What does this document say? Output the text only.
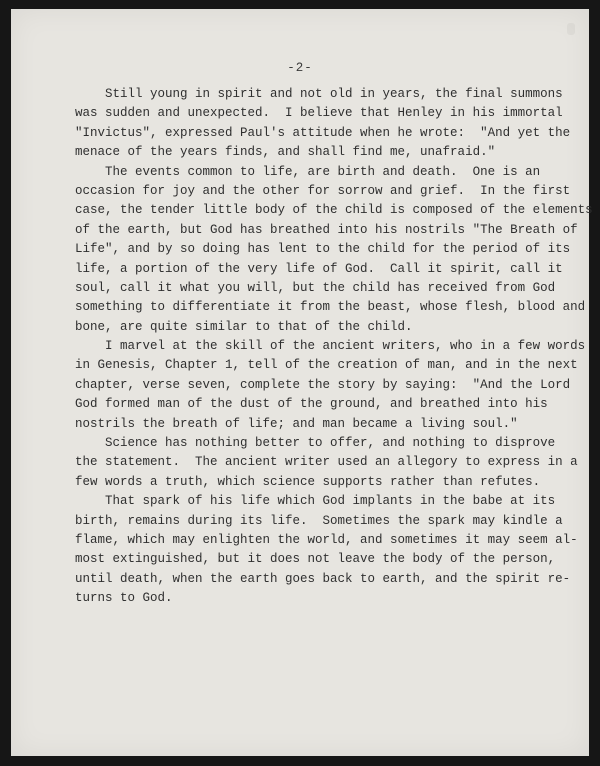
-2-
Still young in spirit and not old in years, the final summons
was sudden and unexpected.  I believe that Henley in his immortal
"Invictus", expressed Paul's attitude when he wrote:  "And yet the
menace of the years finds, and shall find me, unafraid."
The events common to life, are birth and death.  One is an
occasion for joy and the other for sorrow and grief.  In the first
case, the tender little body of the child is composed of the elements
of the earth, but God has breathed into his nostrils "The Breath of
Life", and by so doing has lent to the child for the period of its
life, a portion of the very life of God.  Call it spirit, call it
soul, call it what you will, but the child has received from God
something to differentiate it from the beast, whose flesh, blood and
bone, are quite similar to that of the child.
I marvel at the skill of the ancient writers, who in a few words
in Genesis, Chapter 1, tell of the creation of man, and in the next
chapter, verse seven, complete the story by saying:  "And the Lord
God formed man of the dust of the ground, and breathed into his
nostrils the breath of life; and man became a living soul."
Science has nothing better to offer, and nothing to disprove
the statement.  The ancient writer used an allegory to express in a
few words a truth, which science supports rather than refutes.
That spark of his life which God implants in the babe at its
birth, remains during its life.  Sometimes the spark may kindle a
flame, which may enlighten the world, and sometimes it may seem al-
most extinguished, but it does not leave the body of the person,
until death, when the earth goes back to earth, and the spirit re-
turns to God.
